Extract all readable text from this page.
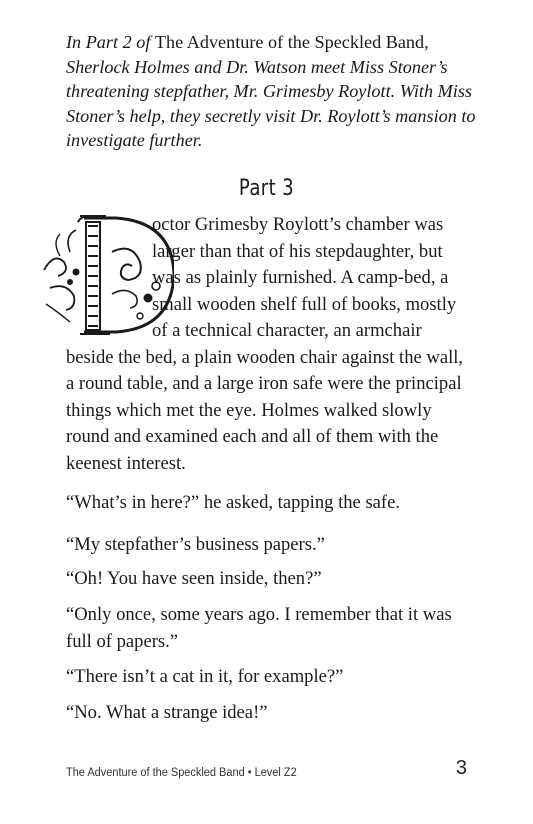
In Part 2 of The Adventure of the Speckled Band, Sherlock Holmes and Dr. Watson meet Miss Stoner’s threatening stepfather, Mr. Grimesby Roylott. With Miss Stoner’s help, they secretly visit Dr. Roylott’s mansion to investigate further.

Part 3

octor Grimesby Roylott’s chamber was larger than that of his stepdaughter, but was as plainly furnished. A camp-bed, a small wooden shelf full of books, mostly of a technical character, an armchair beside the bed, a plain wooden chair against the wall, a round table, and a large iron safe were the principal things which met the eye. Holmes walked slowly round and examined each and all of them with the keenest interest.

“What’s in here?” he asked, tapping the safe.

“My stepfather’s business papers.”

“Oh! You have seen inside, then?”

“Only once, some years ago. I remember that it was full of papers.”

“There isn’t a cat in it, for example?”

“No. What a strange idea!”

The Adventure of the Speckled Band • Level Z2	3
